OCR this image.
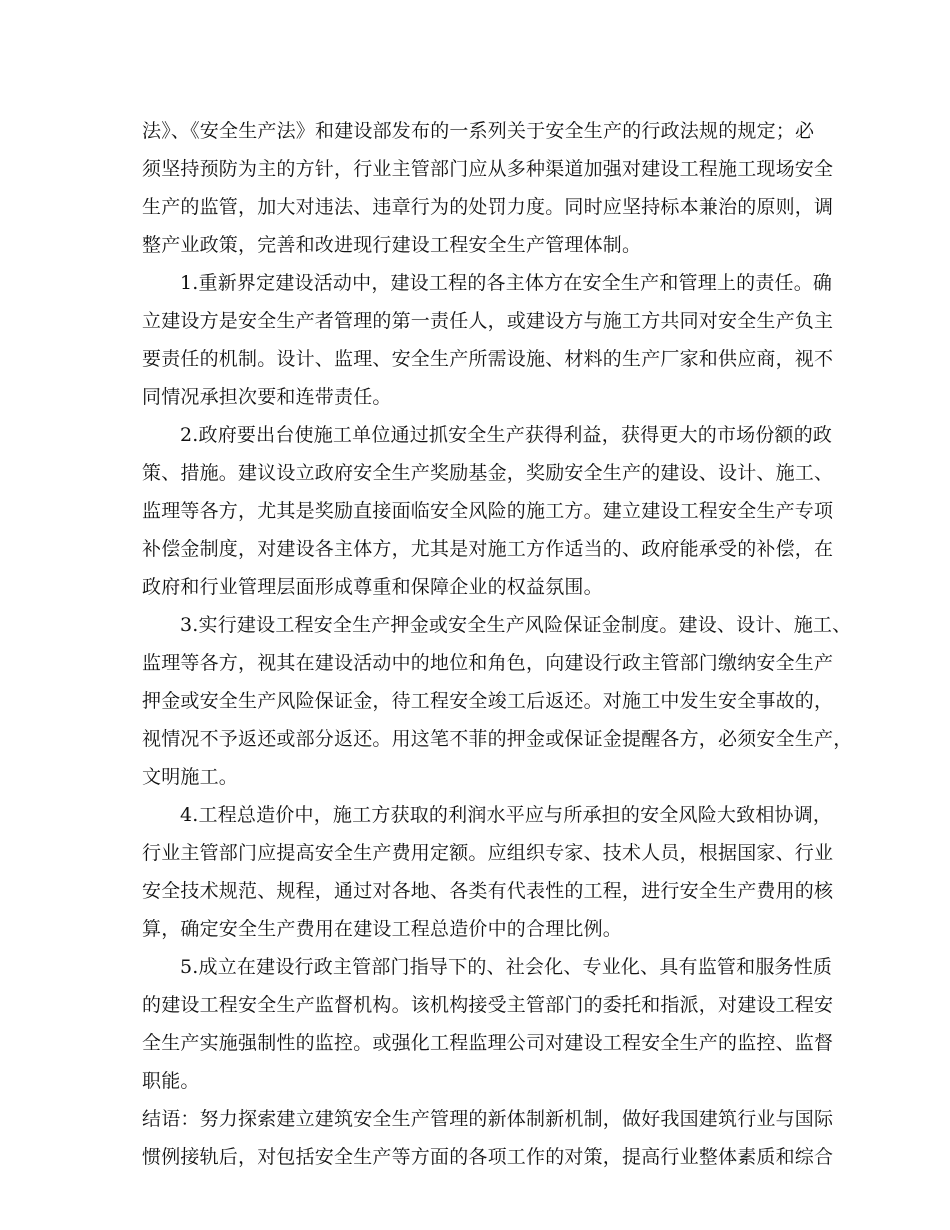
法》、《安全生产法》和建设部发布的一系列关于安全生产的行政法规的规定；必
须坚持预防为主的方针，行业主管部门应从多种渠道加强对建设工程施工现场安全
生产的监管，加大对违法、违章行为的处罚力度。同时应坚持标本兼治的原则，调
整产业政策，完善和改进现行建设工程安全生产管理体制。
1.重新界定建设活动中，建设工程的各主体方在安全生产和管理上的责任。确
立建设方是安全生产者管理的第一责任人，或建设方与施工方共同对安全生产负主
要责任的机制。设计、监理、安全生产所需设施、材料的生产厂家和供应商，视不
同情况承担次要和连带责任。
2.政府要出台使施工单位通过抓安全生产获得利益，获得更大的市场份额的政
策、措施。建议设立政府安全生产奖励基金，奖励安全生产的建设、设计、施工、
监理等各方，尤其是奖励直接面临安全风险的施工方。建立建设工程安全生产专项
补偿金制度，对建设各主体方，尤其是对施工方作适当的、政府能承受的补偿，在
政府和行业管理层面形成尊重和保障企业的权益氛围。
3.实行建设工程安全生产押金或安全生产风险保证金制度。建设、设计、施工、
监理等各方，视其在建设活动中的地位和角色，向建设行政主管部门缴纳安全生产
押金或安全生产风险保证金，待工程安全竣工后返还。对施工中发生安全事故的，
视情况不予返还或部分返还。用这笔不菲的押金或保证金提醒各方，必须安全生产，
文明施工。
4.工程总造价中，施工方获取的利润水平应与所承担的安全风险大致相协调，
行业主管部门应提高安全生产费用定额。应组织专家、技术人员，根据国家、行业
安全技术规范、规程，通过对各地、各类有代表性的工程，进行安全生产费用的核
算，确定安全生产费用在建设工程总造价中的合理比例。
5.成立在建设行政主管部门指导下的、社会化、专业化、具有监管和服务性质
的建设工程安全生产监督机构。该机构接受主管部门的委托和指派，对建设工程安
全生产实施强制性的监控。或强化工程监理公司对建设工程安全生产的监控、监督
职能。
结语：努力探索建立建筑安全生产管理的新体制新机制，做好我国建筑行业与国际
惯例接轨后，对包括安全生产等方面的各项工作的对策，提高行业整体素质和综合
